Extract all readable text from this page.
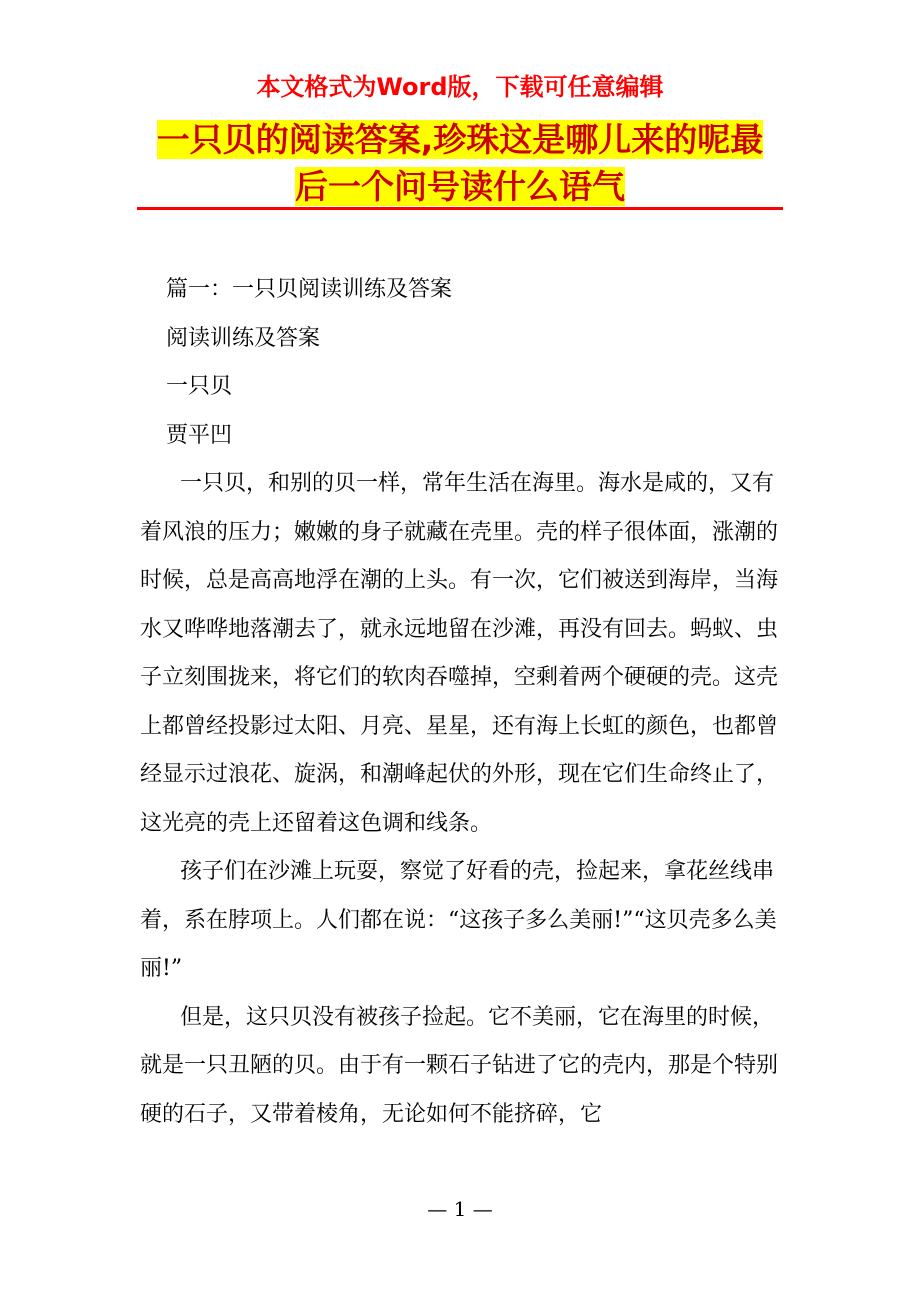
本文格式为Word版，下载可任意编辑
一只贝的阅读答案,珍珠这是哪儿来的呢最
后一个问号读什么语气

篇一：一只贝阅读训练及答案

阅读训练及答案

一只贝

贾平凹

一只贝，和别的贝一样，常年生活在海里。海水是咸的，又有着风浪的压力；嫩嫩的身子就藏在壳里。壳的样子很体面，涨潮的时候，总是高高地浮在潮的上头。有一次，它们被送到海岸，当海水又哗哗地落潮去了，就永远地留在沙滩，再没有回去。蚂蚁、虫子立刻围拢来，将它们的软肉吞噬掉，空剩着两个硬硬的壳。这壳上都曾经投影过太阳、月亮、星星，还有海上长虹的颜色，也都曾经显示过浪花、旋涡，和潮峰起伏的外形，现在它们生命终止了，这光亮的壳上还留着这色调和线条。

孩子们在沙滩上玩耍，察觉了好看的壳，捡起来，拿花丝线串着，系在脖项上。人们都在说：“这孩子多么美丽!”“这贝壳多么美丽!”

但是，这只贝没有被孩子捡起。它不美丽，它在海里的时候，就是一只丑陋的贝。由于有一颗石子钻进了它的壳内，那是个特别硬的石子，又带着棱角，无论如何不能挤碎，它

— 1 —
